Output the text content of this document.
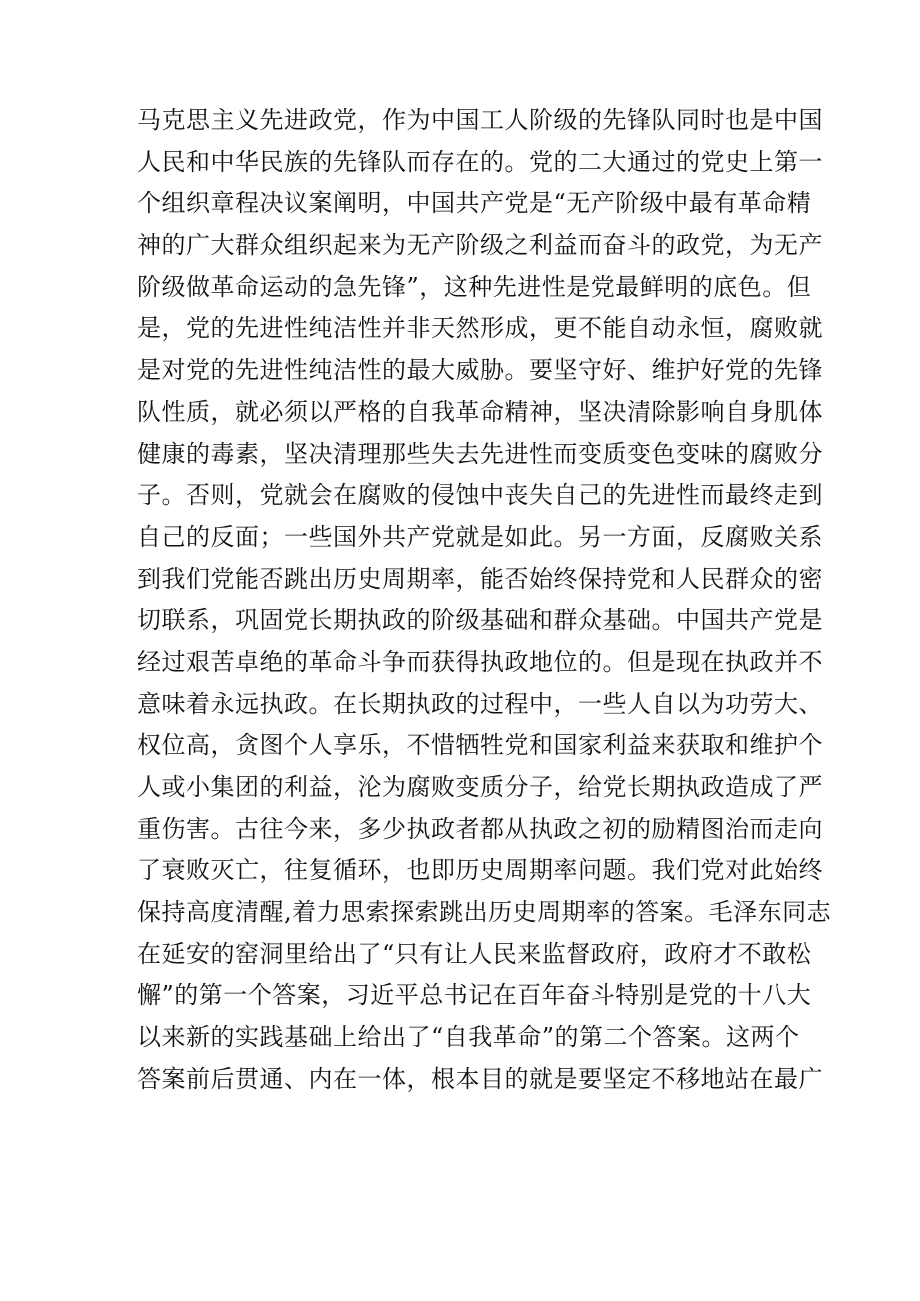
马克思主义先进政党，作为中国工人阶级的先锋队同时也是中国
人民和中华民族的先锋队而存在的。党的二大通过的党史上第一
个组织章程决议案阐明，中国共产党是“无产阶级中最有革命精
神的广大群众组织起来为无产阶级之利益而奋斗的政党，为无产
阶级做革命运动的急先锋”，这种先进性是党最鲜明的底色。但
是，党的先进性纯洁性并非天然形成，更不能自动永恒，腐败就
是对党的先进性纯洁性的最大威胁。要坚守好、维护好党的先锋
队性质，就必须以严格的自我革命精神，坚决清除影响自身肌体
健康的毒素，坚决清理那些失去先进性而变质变色变味的腐败分
子。否则，党就会在腐败的侵蚀中丧失自己的先进性而最终走到
自己的反面；一些国外共产党就是如此。另一方面，反腐败关系
到我们党能否跳出历史周期率，能否始终保持党和人民群众的密
切联系，巩固党长期执政的阶级基础和群众基础。中国共产党是
经过艰苦卓绝的革命斗争而获得执政地位的。但是现在执政并不
意味着永远执政。在长期执政的过程中，一些人自以为功劳大、
权位高，贪图个人享乐，不惜牺牲党和国家利益来获取和维护个
人或小集团的利益，沦为腐败变质分子，给党长期执政造成了严
重伤害。古往今来，多少执政者都从执政之初的励精图治而走向
了衰败灭亡，往复循环，也即历史周期率问题。我们党对此始终
保持高度清醒,着力思索探索跳出历史周期率的答案。毛泽东同志
在延安的窑洞里给出了“只有让人民来监督政府，政府才不敢松
懈”的第一个答案，习近平总书记在百年奋斗特别是党的十八大
以来新的实践基础上给出了“自我革命”的第二个答案。这两个
答案前后贯通、内在一体，根本目的就是要坚定不移地站在最广
